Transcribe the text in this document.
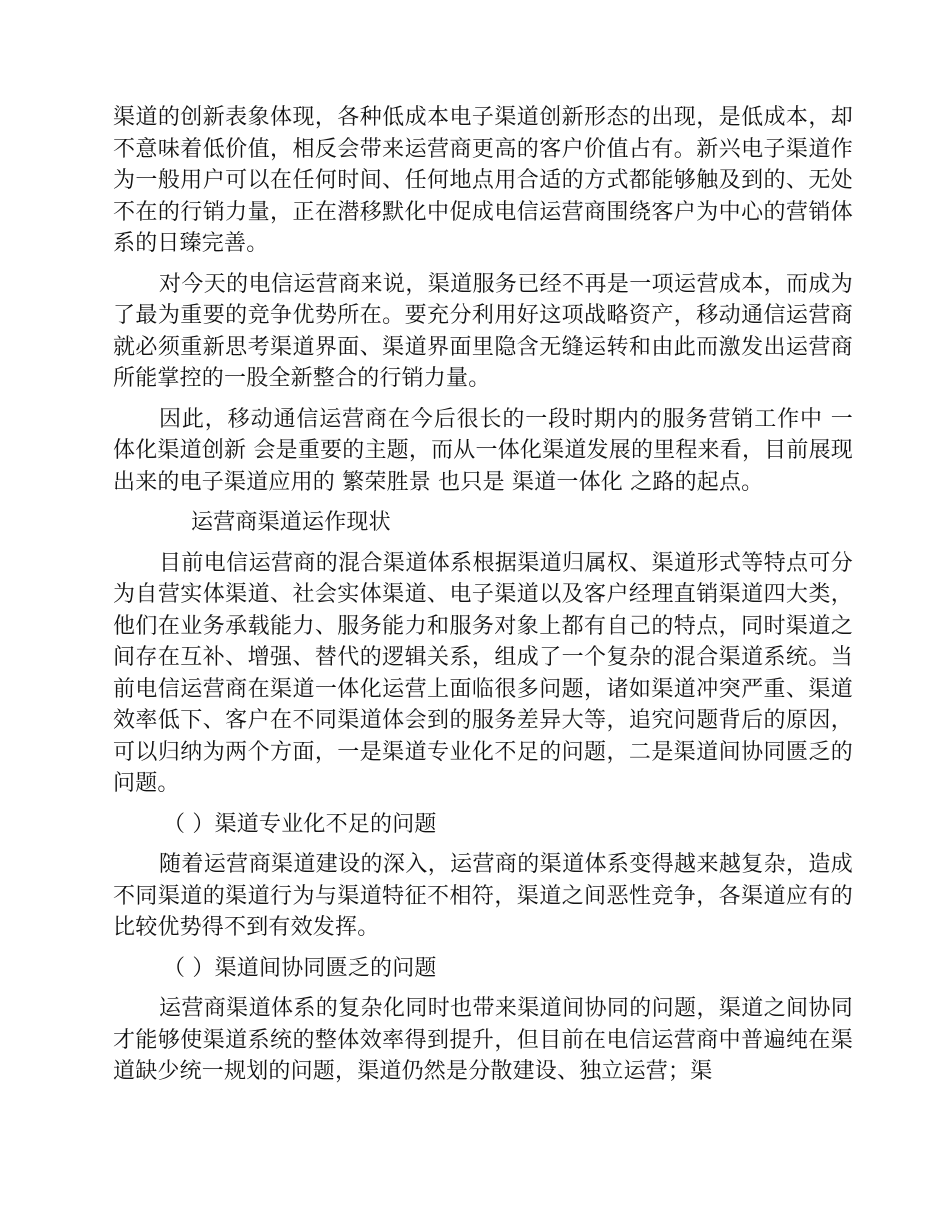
渠道的创新表象体现，各种低成本电子渠道创新形态的出现，是低成本，却不意味着低价值，相反会带来运营商更高的客户价值占有。新兴电子渠道作为一般用户可以在任何时间、任何地点用合适的方式都能够触及到的、无处不在的行销力量，正在潜移默化中促成电信运营商围绕客户为中心的营销体系的日臻完善。

对今天的电信运营商来说，渠道服务已经不再是一项运营成本，而成为了最为重要的竞争优势所在。要充分利用好这项战略资产，移动通信运营商就必须重新思考渠道界面、渠道界面里隐含无缝运转和由此而激发出运营商所能掌控的一股全新整合的行销力量。

因此，移动通信运营商在今后很长的一段时期内的服务营销工作中 一体化渠道创新 会是重要的主题，而从一体化渠道发展的里程来看，目前展现出来的电子渠道应用的 繁荣胜景 也只是 渠道一体化 之路的起点。

运营商渠道运作现状

目前电信运营商的混合渠道体系根据渠道归属权、渠道形式等特点可分为自营实体渠道、社会实体渠道、电子渠道以及客户经理直销渠道四大类，他们在业务承载能力、服务能力和服务对象上都有自己的特点，同时渠道之间存在互补、增强、替代的逻辑关系，组成了一个复杂的混合渠道系统。当前电信运营商在渠道一体化运营上面临很多问题，诸如渠道冲突严重、渠道效率低下、客户在不同渠道体会到的服务差异大等，追究问题背后的原因，可以归纳为两个方面，一是渠道专业化不足的问题，二是渠道间协同匮乏的问题。

（ ）渠道专业化不足的问题

随着运营商渠道建设的深入，运营商的渠道体系变得越来越复杂，造成不同渠道的渠道行为与渠道特征不相符，渠道之间恶性竞争，各渠道应有的比较优势得不到有效发挥。

（ ）渠道间协同匮乏的问题

运营商渠道体系的复杂化同时也带来渠道间协同的问题，渠道之间协同才能够使渠道系统的整体效率得到提升，但目前在电信运营商中普遍纯在渠道缺少统一规划的问题，渠道仍然是分散建设、独立运营；渠
